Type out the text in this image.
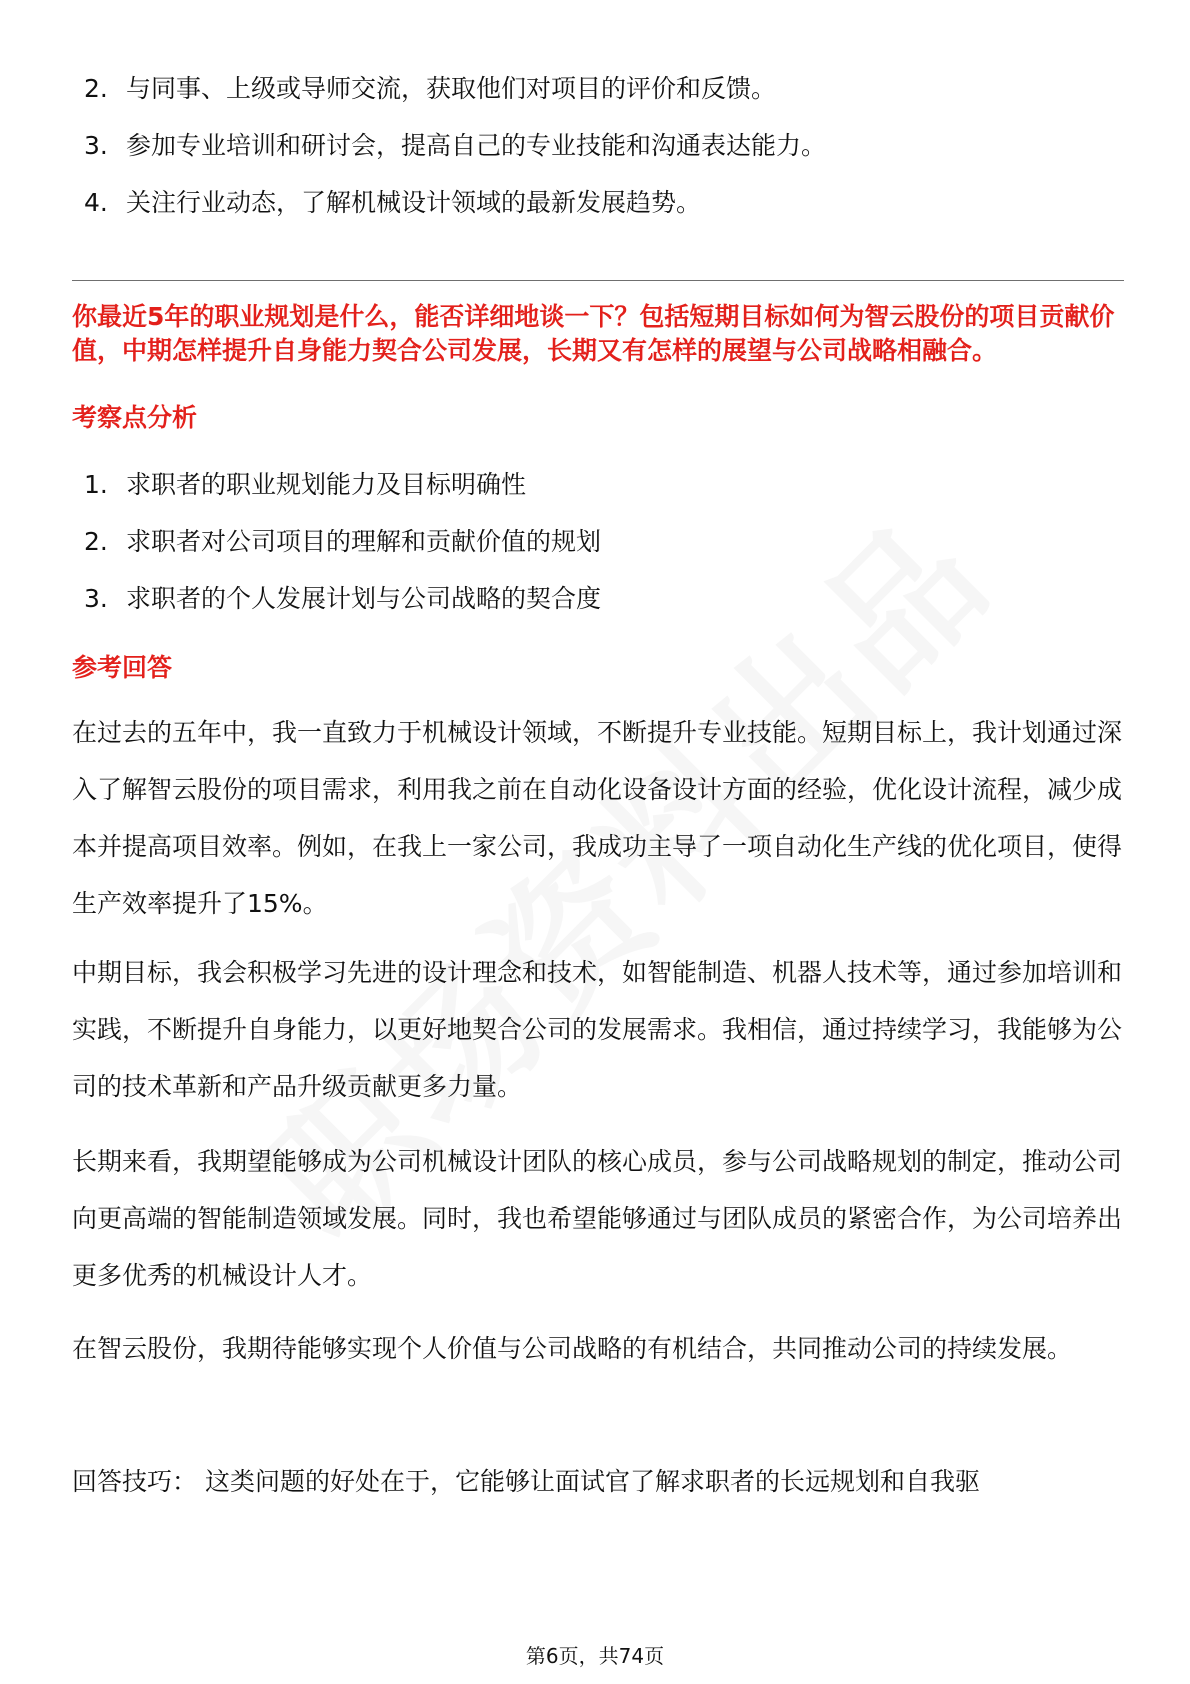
2. 与同事、上级或导师交流，获取他们对项目的评价和反馈。
3. 参加专业培训和研讨会，提高自己的专业技能和沟通表达能力。
4. 关注行业动态，了解机械设计领域的最新发展趋势。
你最近5年的职业规划是什么，能否详细地谈一下？包括短期目标如何为智云股份的项目贡献价值，中期怎样提升自身能力契合公司发展，长期又有怎样的展望与公司战略相融合。
考察点分析
1. 求职者的职业规划能力及目标明确性
2. 求职者对公司项目的理解和贡献价值的规划
3. 求职者的个人发展计划与公司战略的契合度
参考回答

在过去的五年中，我一直致力于机械设计领域，不断提升专业技能。短期目标上，我计划通过深入了解智云股份的项目需求，利用我之前在自动化设备设计方面的经验，优化设计流程，减少成本并提高项目效率。例如，在我上一家公司，我成功主导了一项自动化生产线的优化项目，使得生产效率提升了15%。

中期目标，我会积极学习先进的设计理念和技术，如智能制造、机器人技术等，通过参加培训和实践，不断提升自身能力，以更好地契合公司的发展需求。我相信，通过持续学习，我能够为公司的技术革新和产品升级贡献更多力量。

长期来看，我期望能够成为公司机械设计团队的核心成员，参与公司战略规划的制定，推动公司向更高端的智能制造领域发展。同时，我也希望能够通过与团队成员的紧密合作，为公司培养出更多优秀的机械设计人才。

在智云股份，我期待能够实现个人价值与公司战略的有机结合，共同推动公司的持续发展。

回答技巧： 这类问题的好处在于，它能够让面试官了解求职者的长远规划和自我驱

第6页，共74页
